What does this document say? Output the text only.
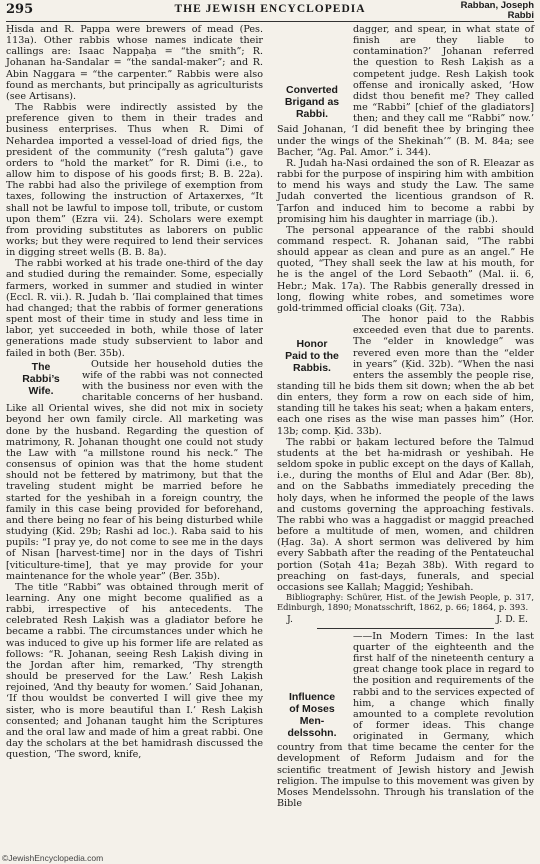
295	THE JEWISH ENCYCLOPEDIA	Rabban, Joseph
Rabbi

Ḥisda and R. Pappa were brewers of mead (Pes. 113a). Other rabbis whose names indicate their callings are: Isaac Nappaḥa = “the smith”; R. Johanan ha-Sandalar = “the sandal-maker”; and R. Abin Naggara = “the carpenter.” Rabbis were also found as merchants, but principally as agriculturists (see Artisans).

The Rabbis were indirectly assisted by the preference given to them in their trades and business enterprises. Thus when R. Dimi of Nehardea imported a vessel-load of dried figs, the president of the community (“resh galuta”) gave orders to “hold the market” for R. Dimi (i.e., to allow him to dispose of his goods first; B. B. 22a). The rabbi had also the privilege of exemption from taxes, following the instruction of Artaxerxes, “It shall not be lawful to impose toll, tribute, or custom upon them” (Ezra vii. 24). Scholars were exempt from providing substitutes as laborers on public works; but they were required to lend their services in digging street wells (B. B. 8a).

The rabbi worked at his trade one-third of the day and studied during the remainder. Some, especially farmers, worked in summer and studied in winter (Eccl. R. vii.). R. Judah b. ’Ilai complained that times had changed; that the rabbis of former generations spent most of their time in study and less time in labor, yet succeeded in both, while those of later generations made study subservient to labor and failed in both (Ber. 35b).

The
Rabbi’s
Wife.

Outside her household duties the wife of the rabbi was not connected with the business nor even with the charitable concerns of her husband. Like all Oriental wives, she did not mix in society beyond her own family circle. All marketing was done by the husband. Regarding the question of matrimony, R. Johanan thought one could not study the Law with “a millstone round his neck.” The consensus of opinion was that the home student should not be fettered by matrimony, but that the traveling student might be married before he started for the yeshibah in a foreign country, the family in this case being provided for beforehand, and there being no fear of his being disturbed while studying (Ḳid. 29b; Rashi ad loc.). Raba said to his pupils: “I pray ye, do not come to see me in the days of Nisan [harvest-time] nor in the days of Tishri [viticulture-time], that ye may provide for your maintenance for the whole year” (Ber. 35b).

The title “Rabbi” was obtained through merit of learning. Any one might become qualified as a rabbi, irrespective of his antecedents. The celebrated Resh Laḳish was a gladiator before he became a rabbi. The circumstances under which he was induced to give up his former life are related as follows: “R. Johanan, seeing Resh Laḳish diving in the Jordan after him, remarked, ‘Thy strength should be preserved for the Law.’ Resh Laḳish rejoined, ‘And thy beauty for women.’ Said Johanan, ‘If thou wouldst be converted I will give thee my sister, who is more beautiful than I.’ Resh Laḳish consented; and Johanan taught him the Scriptures and the oral law and made of him a great rabbi. One day the scholars at the bet hamidrash discussed the question, ‘The sword, knife,

Converted
Brigand as
Rabbi.

dagger, and spear, in what state of finish are they liable to contamination?’ Johanan referred the question to Resh Laḳish as a competent judge. Resh Laḳish took offense and ironically asked, ‘How didst thou benefit me? They called me “Rabbi” [chief of the gladiators] then; and they call me “Rabbi” now.’ Said Johanan, ‘I did benefit thee by bringing thee under the wings of the Shekinah’” (B. M. 84a; see Bacher, “Ag. Pal. Amor.” i. 344).

R. Judah ha-Nasi ordained the son of R. Eleazar as rabbi for the purpose of inspiring him with ambition to mend his ways and study the Law. The same Judah converted the licentious grandson of R. Ṭarfon and induced him to become a rabbi by promising him his daughter in marriage (ib.).

The personal appearance of the rabbi should command respect. R. Johanan said, “The rabbi should appear as clean and pure as an angel.” He quoted, “They shall seek the law at his mouth, for he is the angel of the Lord Sebaoth” (Mal. ii. 6, Hebr.; Mak. 17a). The Rabbis generally dressed in long, flowing white robes, and sometimes wore gold-trimmed official cloaks (Giṭ. 73a).

Honor
Paid to the
Rabbis.

The honor paid to the Rabbis exceeded even that due to parents. The “elder in knowledge” was revered even more than the “elder in years” (Ḳid. 32b). “When the nasi enters the assembly the people rise, standing till he bids them sit down; when the ab bet din enters, they form a row on each side of him, standing till he takes his seat; when a ḥakam enters, each one rises as the wise man passes him” (Hor. 13b; comp. Ḳid. 33b).

The rabbi or ḥakam lectured before the Talmud students at the bet ha-midrash or yeshibah. He seldom spoke in public except on the days of Kallah, i.e., during the months of Elul and Adar (Ber. 8b), and on the Sabbaths immediately preceding the holy days, when he informed the people of the laws and customs governing the approaching festivals. The rabbi who was a haggadist or maggid preached before a multitude of men, women, and children (Ḥag. 3a). A short sermon was delivered by him every Sabbath after the reading of the Pentateuchal portion (Soṭah 41a; Beẓah 38b). With regard to preaching on fast-days, funerals, and special occasions see Kallah; Maggid; Yeshibah.

Bibliography: Schürer, Hist. of the Jewish People, p. 317, Edinburgh, 1890; Monatsschrift, 1862, p. 66; 1864, p. 393.

J.	J. D. E.
Influence
of Moses
Men-
delssohn.

——In Modern Times: In the last quarter of the eighteenth and the first half of the nineteenth century a great change took place in regard to the position and requirements of the rabbi and to the services expected of him, a change which finally amounted to a complete revolution of former ideas. This change originated in Germany, which country from that time became the center for the development of Reform Judaism and for the scientific treatment of Jewish history and Jewish religion. The impulse to this movement was given by Moses Mendelssohn. Through his translation of the Bible

©JewishEncyclopedia.com
